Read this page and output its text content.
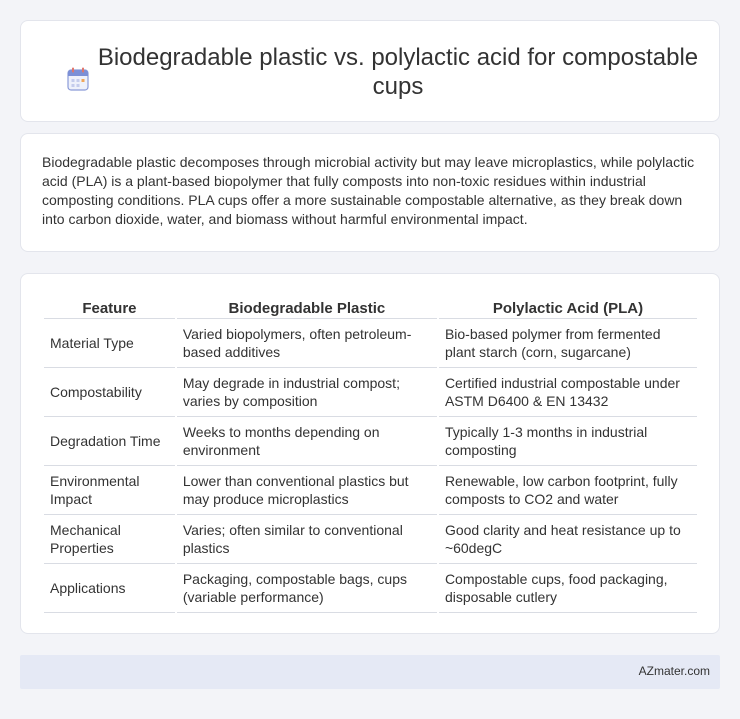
Biodegradable plastic vs. polylactic acid for compostable cups

Biodegradable plastic decomposes through microbial activity but may leave microplastics, while polylactic acid (PLA) is a plant-based biopolymer that fully composts into non-toxic residues within industrial composting conditions. PLA cups offer a more sustainable compostable alternative, as they break down into carbon dioxide, water, and biomass without harmful environmental impact.

Feature	Biodegradable Plastic	Polylactic Acid (PLA)
Material Type	Varied biopolymers, often petroleum-based additives	Bio-based polymer from fermented plant starch (corn, sugarcane)
Compostability	May degrade in industrial compost; varies by composition	Certified industrial compostable under ASTM D6400 & EN 13432
Degradation Time	Weeks to months depending on environment	Typically 1-3 months in industrial composting
Environmental Impact	Lower than conventional plastics but may produce microplastics	Renewable, low carbon footprint, fully composts to CO2 and water
Mechanical Properties	Varies; often similar to conventional plastics	Good clarity and heat resistance up to ~60degC
Applications	Packaging, compostable bags, cups (variable performance)	Compostable cups, food packaging, disposable cutlery
AZmater.com
